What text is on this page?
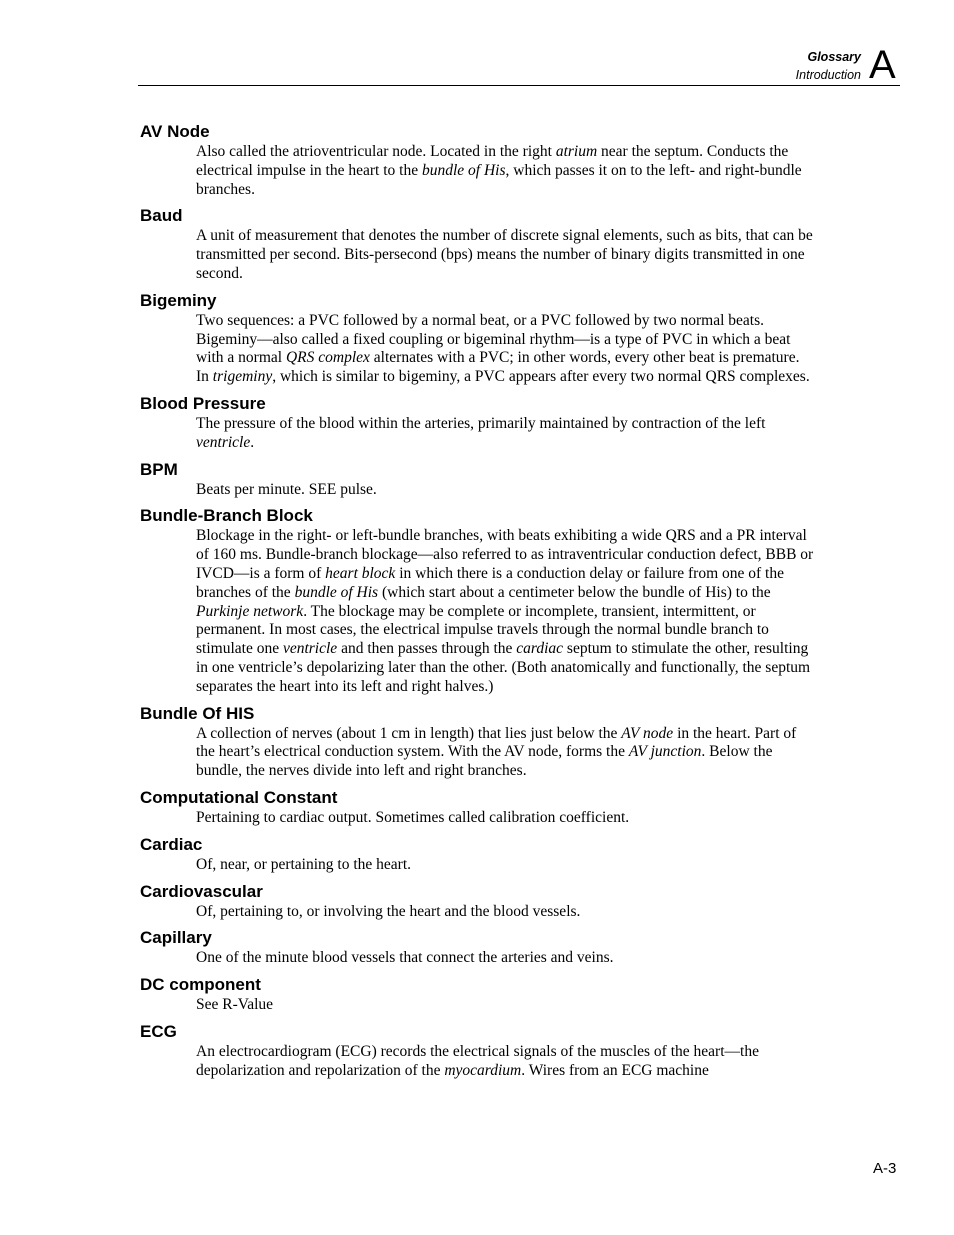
Glossary
Introduction A
AV Node

Also called the atrioventricular node. Located in the right atrium near the septum. Conducts the electrical impulse in the heart to the bundle of His, which passes it on to the left- and right-bundle branches.

Baud

A unit of measurement that denotes the number of discrete signal elements, such as bits, that can be transmitted per second. Bits-persecond (bps) means the number of binary digits transmitted in one second.

Bigeminy

Two sequences: a PVC followed by a normal beat, or a PVC followed by two normal beats. Bigeminy—also called a fixed coupling or bigeminal rhythm—is a type of PVC in which a beat with a normal QRS complex alternates with a PVC; in other words, every other beat is premature. In trigeminy, which is similar to bigeminy, a PVC appears after every two normal QRS complexes.

Blood Pressure

The pressure of the blood within the arteries, primarily maintained by contraction of the left ventricle.

BPM

Beats per minute. SEE pulse.

Bundle-Branch Block

Blockage in the right- or left-bundle branches, with beats exhibiting a wide QRS and a PR interval of 160 ms. Bundle-branch blockage—also referred to as intraventricular conduction defect, BBB or IVCD—is a form of heart block in which there is a conduction delay or failure from one of the branches of the bundle of His (which start about a centimeter below the bundle of His) to the Purkinje network. The blockage may be complete or incomplete, transient, intermittent, or permanent. In most cases, the electrical impulse travels through the normal bundle branch to stimulate one ventricle and then passes through the cardiac septum to stimulate the other, resulting in one ventricle’s depolarizing later than the other. (Both anatomically and functionally, the septum separates the heart into its left and right halves.)

Bundle Of HIS

A collection of nerves (about 1 cm in length) that lies just below the AV node in the heart. Part of the heart’s electrical conduction system. With the AV node, forms the AV junction. Below the bundle, the nerves divide into left and right branches.

Computational Constant

Pertaining to cardiac output. Sometimes called calibration coefficient.

Cardiac

Of, near, or pertaining to the heart.

Cardiovascular

Of, pertaining to, or involving the heart and the blood vessels.

Capillary

One of the minute blood vessels that connect the arteries and veins.

DC component

See R-Value

ECG

An electrocardiogram (ECG) records the electrical signals of the muscles of the heart—the depolarization and repolarization of the myocardium. Wires from an ECG machine

A-3
